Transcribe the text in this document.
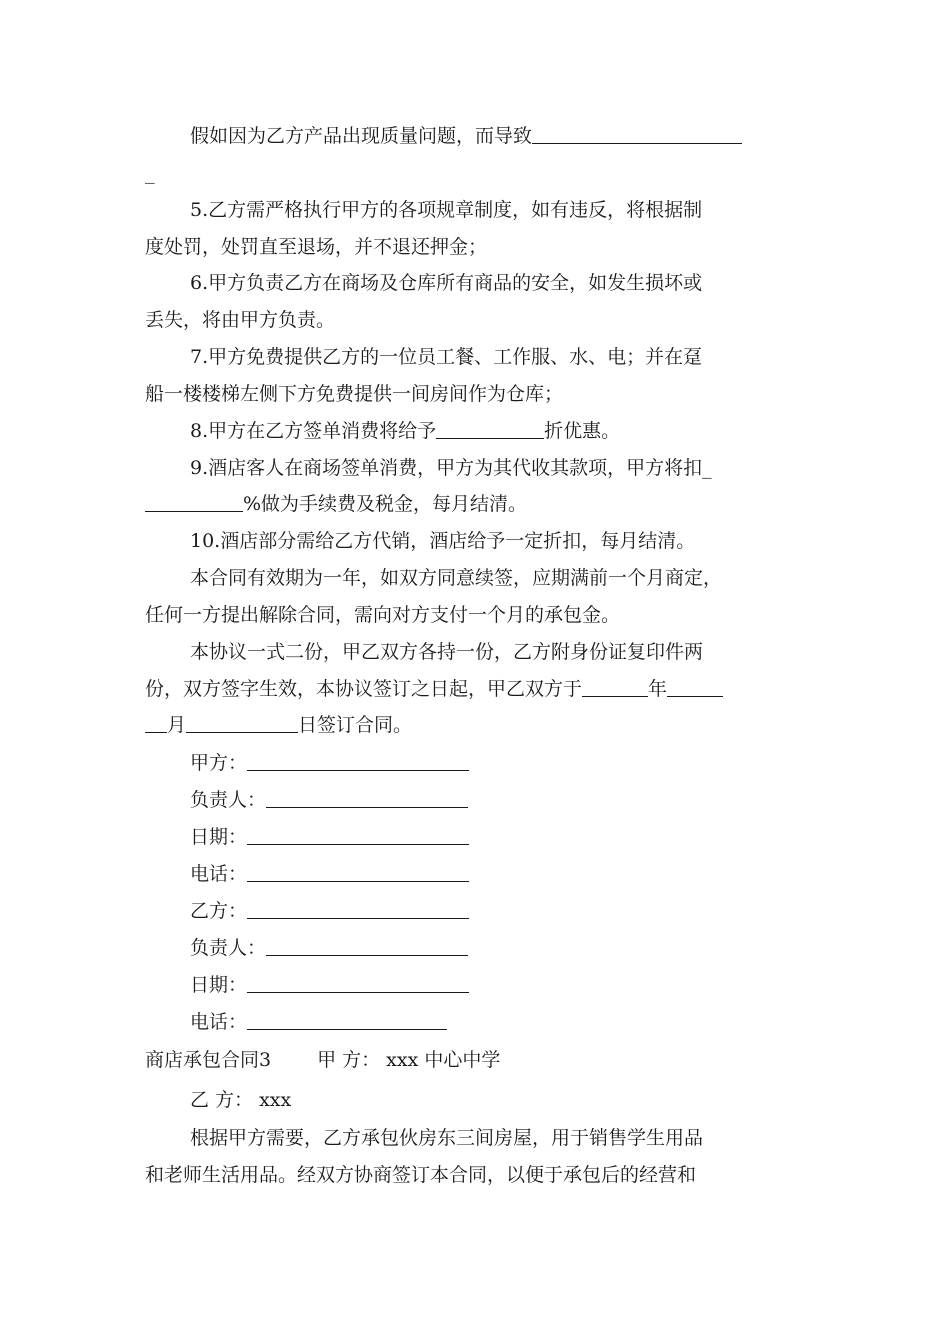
假如因为乙方产品出现质量问题，而导致
_
5.乙方需严格执行甲方的各项规章制度，如有违反，将根据制
度处罚，处罚直至退场，并不退还押金；
6.甲方负责乙方在商场及仓库所有商品的安全，如发生损坏或
丢失，将由甲方负责。
7.甲方免费提供乙方的一位员工餐、工作服、水、电；并在趸
船一楼楼梯左侧下方免费提供一间房间作为仓库；
8.甲方在乙方签单消费将给予	折优惠。
9.酒店客人在商场签单消费，甲方为其代收其款项，甲方将扣_
%做为手续费及税金，每月结清。
10.酒店部分需给乙方代销，酒店给予一定折扣，每月结清。
本合同有效期为一年，如双方同意续签，应期满前一个月商定，
任何一方提出解除合同，需向对方支付一个月的承包金。
本协议一式二份，甲乙双方各持一份，乙方附身份证复印件两
份，双方签字生效，本协议签订之日起，甲乙双方于	年
月	日签订合同。
甲方：
负责人：
日期：
电话：
乙方：
负责人：
日期：
电话：
商店承包合同3 甲 方： xxx 中心中学
乙 方： xxx
根据甲方需要，乙方承包伙房东三间房屋，用于销售学生用品
和老师生活用品。经双方协商签订本合同，以便于承包后的经营和
